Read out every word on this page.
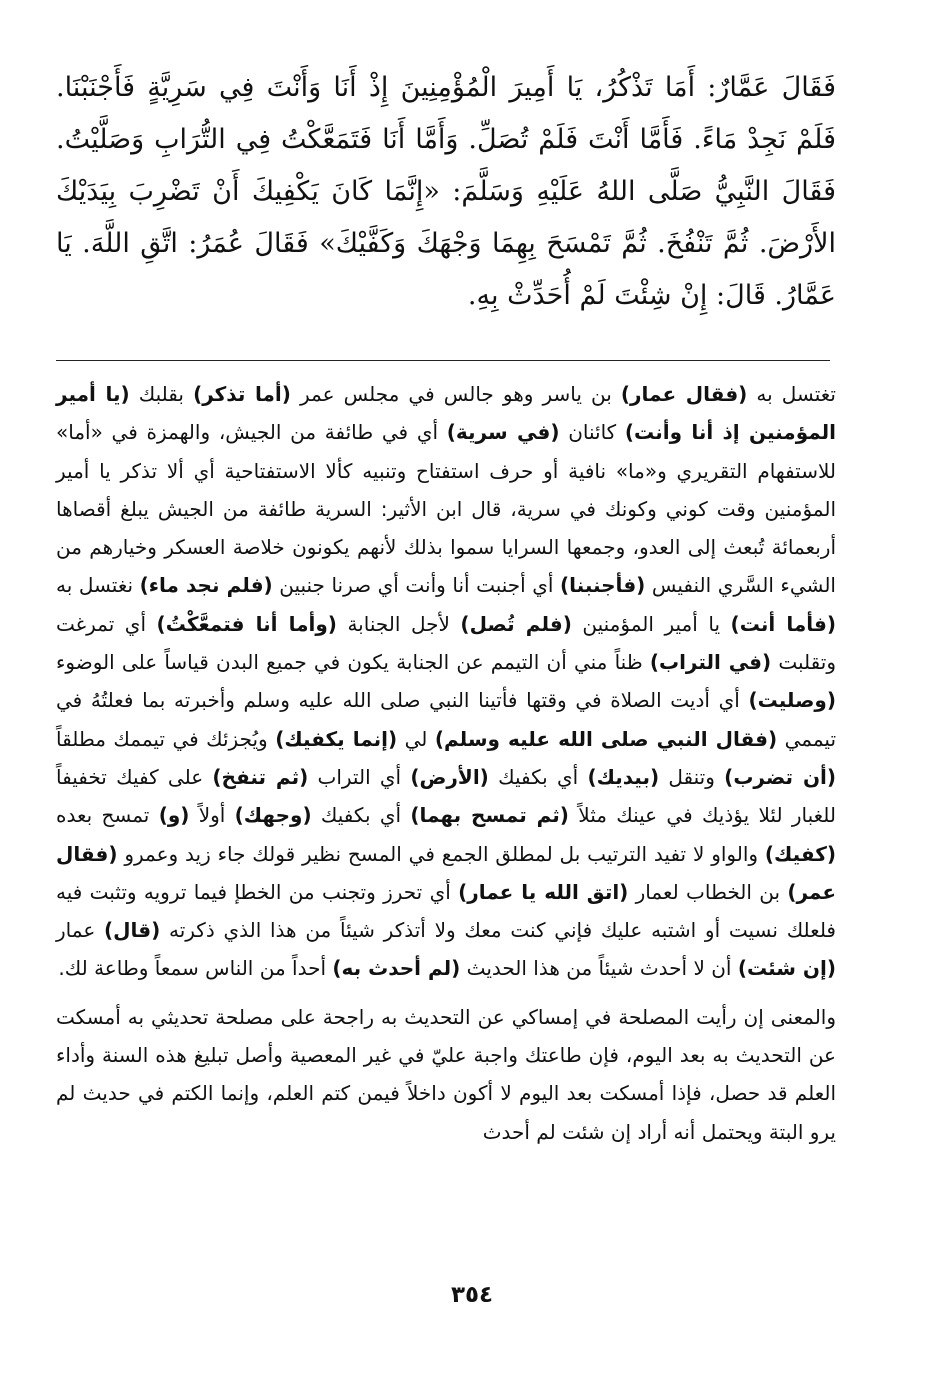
فَقَالَ عَمَّارٌ: أَمَا تَذْكُرُ، يَا أَمِيرَ الْمُؤْمِنِينَ إِذْ أَنَا وَأَنْتَ فِي سَرِيَّةٍ فَأَجْنَبْنَا. فَلَمْ نَجِدْ مَاءً. فَأَمَّا أَنْتَ فَلَمْ تُصَلِّ. وَأَمَّا أَنَا فَتَمَعَّكْتُ فِي التُّرَابِ وَصَلَّيْتُ. فَقَالَ النَّبِيُّ صَلَّى اللهُ عَلَيْهِ وَسَلَّمَ: «إِنَّمَا كَانَ يَكْفِيكَ أَنْ تَضْرِبَ بِيَدَيْكَ الأَرْضَ. ثُمَّ تَنْفُخَ. ثُمَّ تَمْسَحَ بِهِمَا وَجْهَكَ وَكَفَّيْكَ» فَقَالَ عُمَرُ: اتَّقِ اللَّهَ. يَا عَمَّارُ. قَالَ: إِنْ شِئْتَ لَمْ أُحَدِّثْ بِهِ.

تغتسل به (فقال عمار) بن ياسر وهو جالس في مجلس عمر (أما تذكر) بقلبك (يا أمير المؤمنين إذ أنا وأنت) كائنان (في سرية) أي في طائفة من الجيش، والهمزة في «أما» للاستفهام التقريري و«ما» نافية أو حرف استفتاح وتنبيه كألا الاستفتاحية أي ألا تذكر يا أمير المؤمنين وقت كوني وكونك في سرية، قال ابن الأثير: السرية طائفة من الجيش يبلغ أقصاها أربعمائة تُبعث إلى العدو، وجمعها السرايا سموا بذلك لأنهم يكونون خلاصة العسكر وخيارهم من الشيء السَّري النفيس (فأجنبنا) أي أجنبت أنا وأنت أي صرنا جنبين (فلم نجد ماء) نغتسل به (فأما أنت) يا أمير المؤمنين (فلم تُصل) لأجل الجنابة (وأما أنا فتمعَّكْتُ) أي تمرغت وتقلبت (في التراب) ظناً مني أن التيمم عن الجنابة يكون في جميع البدن قياساً على الوضوء (وصليت) أي أديت الصلاة في وقتها فأتينا النبي صلى الله عليه وسلم وأخبرته بما فعلتُهُ في تيممي (فقال النبي صلى الله عليه وسلم) لي (إنما يكفيك) ويُجزئك في تيممك مطلقاً (أن تضرب) وتنقل (بيديك) أي بكفيك (الأرض) أي التراب (ثم تنفخ) على كفيك تخفيفاً للغبار لئلا يؤذيك في عينك مثلاً (ثم تمسح بهما) أي بكفيك (وجهك) أولاً (و) تمسح بعده (كفيك) والواو لا تفيد الترتيب بل لمطلق الجمع في المسح نظير قولك جاء زيد وعمرو (فقال عمر) بن الخطاب لعمار (اتق الله يا عمار) أي تحرز وتجنب من الخطإ فيما ترويه وتثبت فيه فلعلك نسيت أو اشتبه عليك فإني كنت معك ولا أتذكر شيئاً من هذا الذي ذكرته (قال) عمار (إن شئت) أن لا أحدث شيئاً من هذا الحديث (لم أحدث به) أحداً من الناس سمعاً وطاعة لك.

والمعنى إن رأيت المصلحة في إمساكي عن التحديث به راجحة على مصلحة تحديثي به أمسكت عن التحديث به بعد اليوم، فإن طاعتك واجبة عليّ في غير المعصية وأصل تبليغ هذه السنة وأداء العلم قد حصل، فإذا أمسكت بعد اليوم لا أكون داخلاً فيمن كتم العلم، وإنما الكتم في حديث لم يرو البتة ويحتمل أنه أراد إن شئت لم أحدث

٣٥٤
